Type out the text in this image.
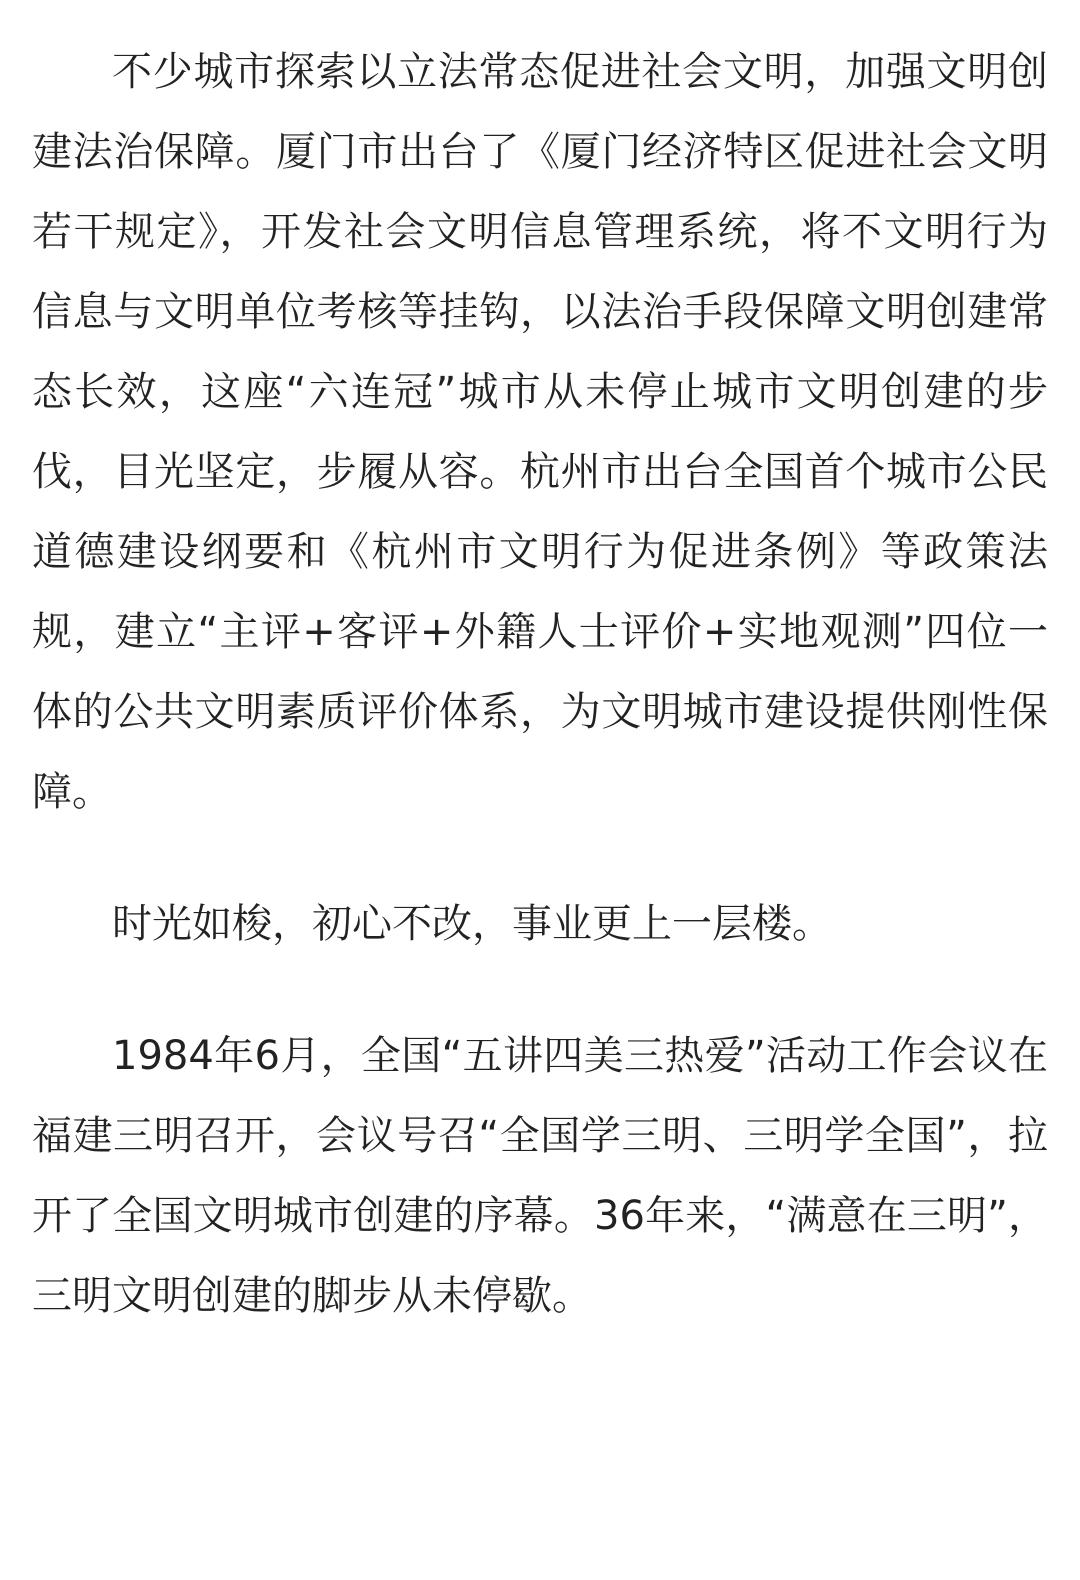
不少城市探索以立法常态促进社会文明，加强文明创建法治保障。厦门市出台了《厦门经济特区促进社会文明若干规定》，开发社会文明信息管理系统，将不文明行为信息与文明单位考核等挂钩，以法治手段保障文明创建常态长效，这座“六连冠”城市从未停止城市文明创建的步伐，目光坚定，步履从容。杭州市出台全国首个城市公民道德建设纲要和《杭州市文明行为促进条例》等政策法规，建立“主评+客评+外籍人士评价+实地观测”四位一体的公共文明素质评价体系，为文明城市建设提供刚性保障。

时光如梭，初心不改，事业更上一层楼。

1984年6月，全国“五讲四美三热爱”活动工作会议在福建三明召开，会议号召“全国学三明、三明学全国”，拉开了全国文明城市创建的序幕。36年来，“满意在三明”，三明文明创建的脚步从未停歇。
